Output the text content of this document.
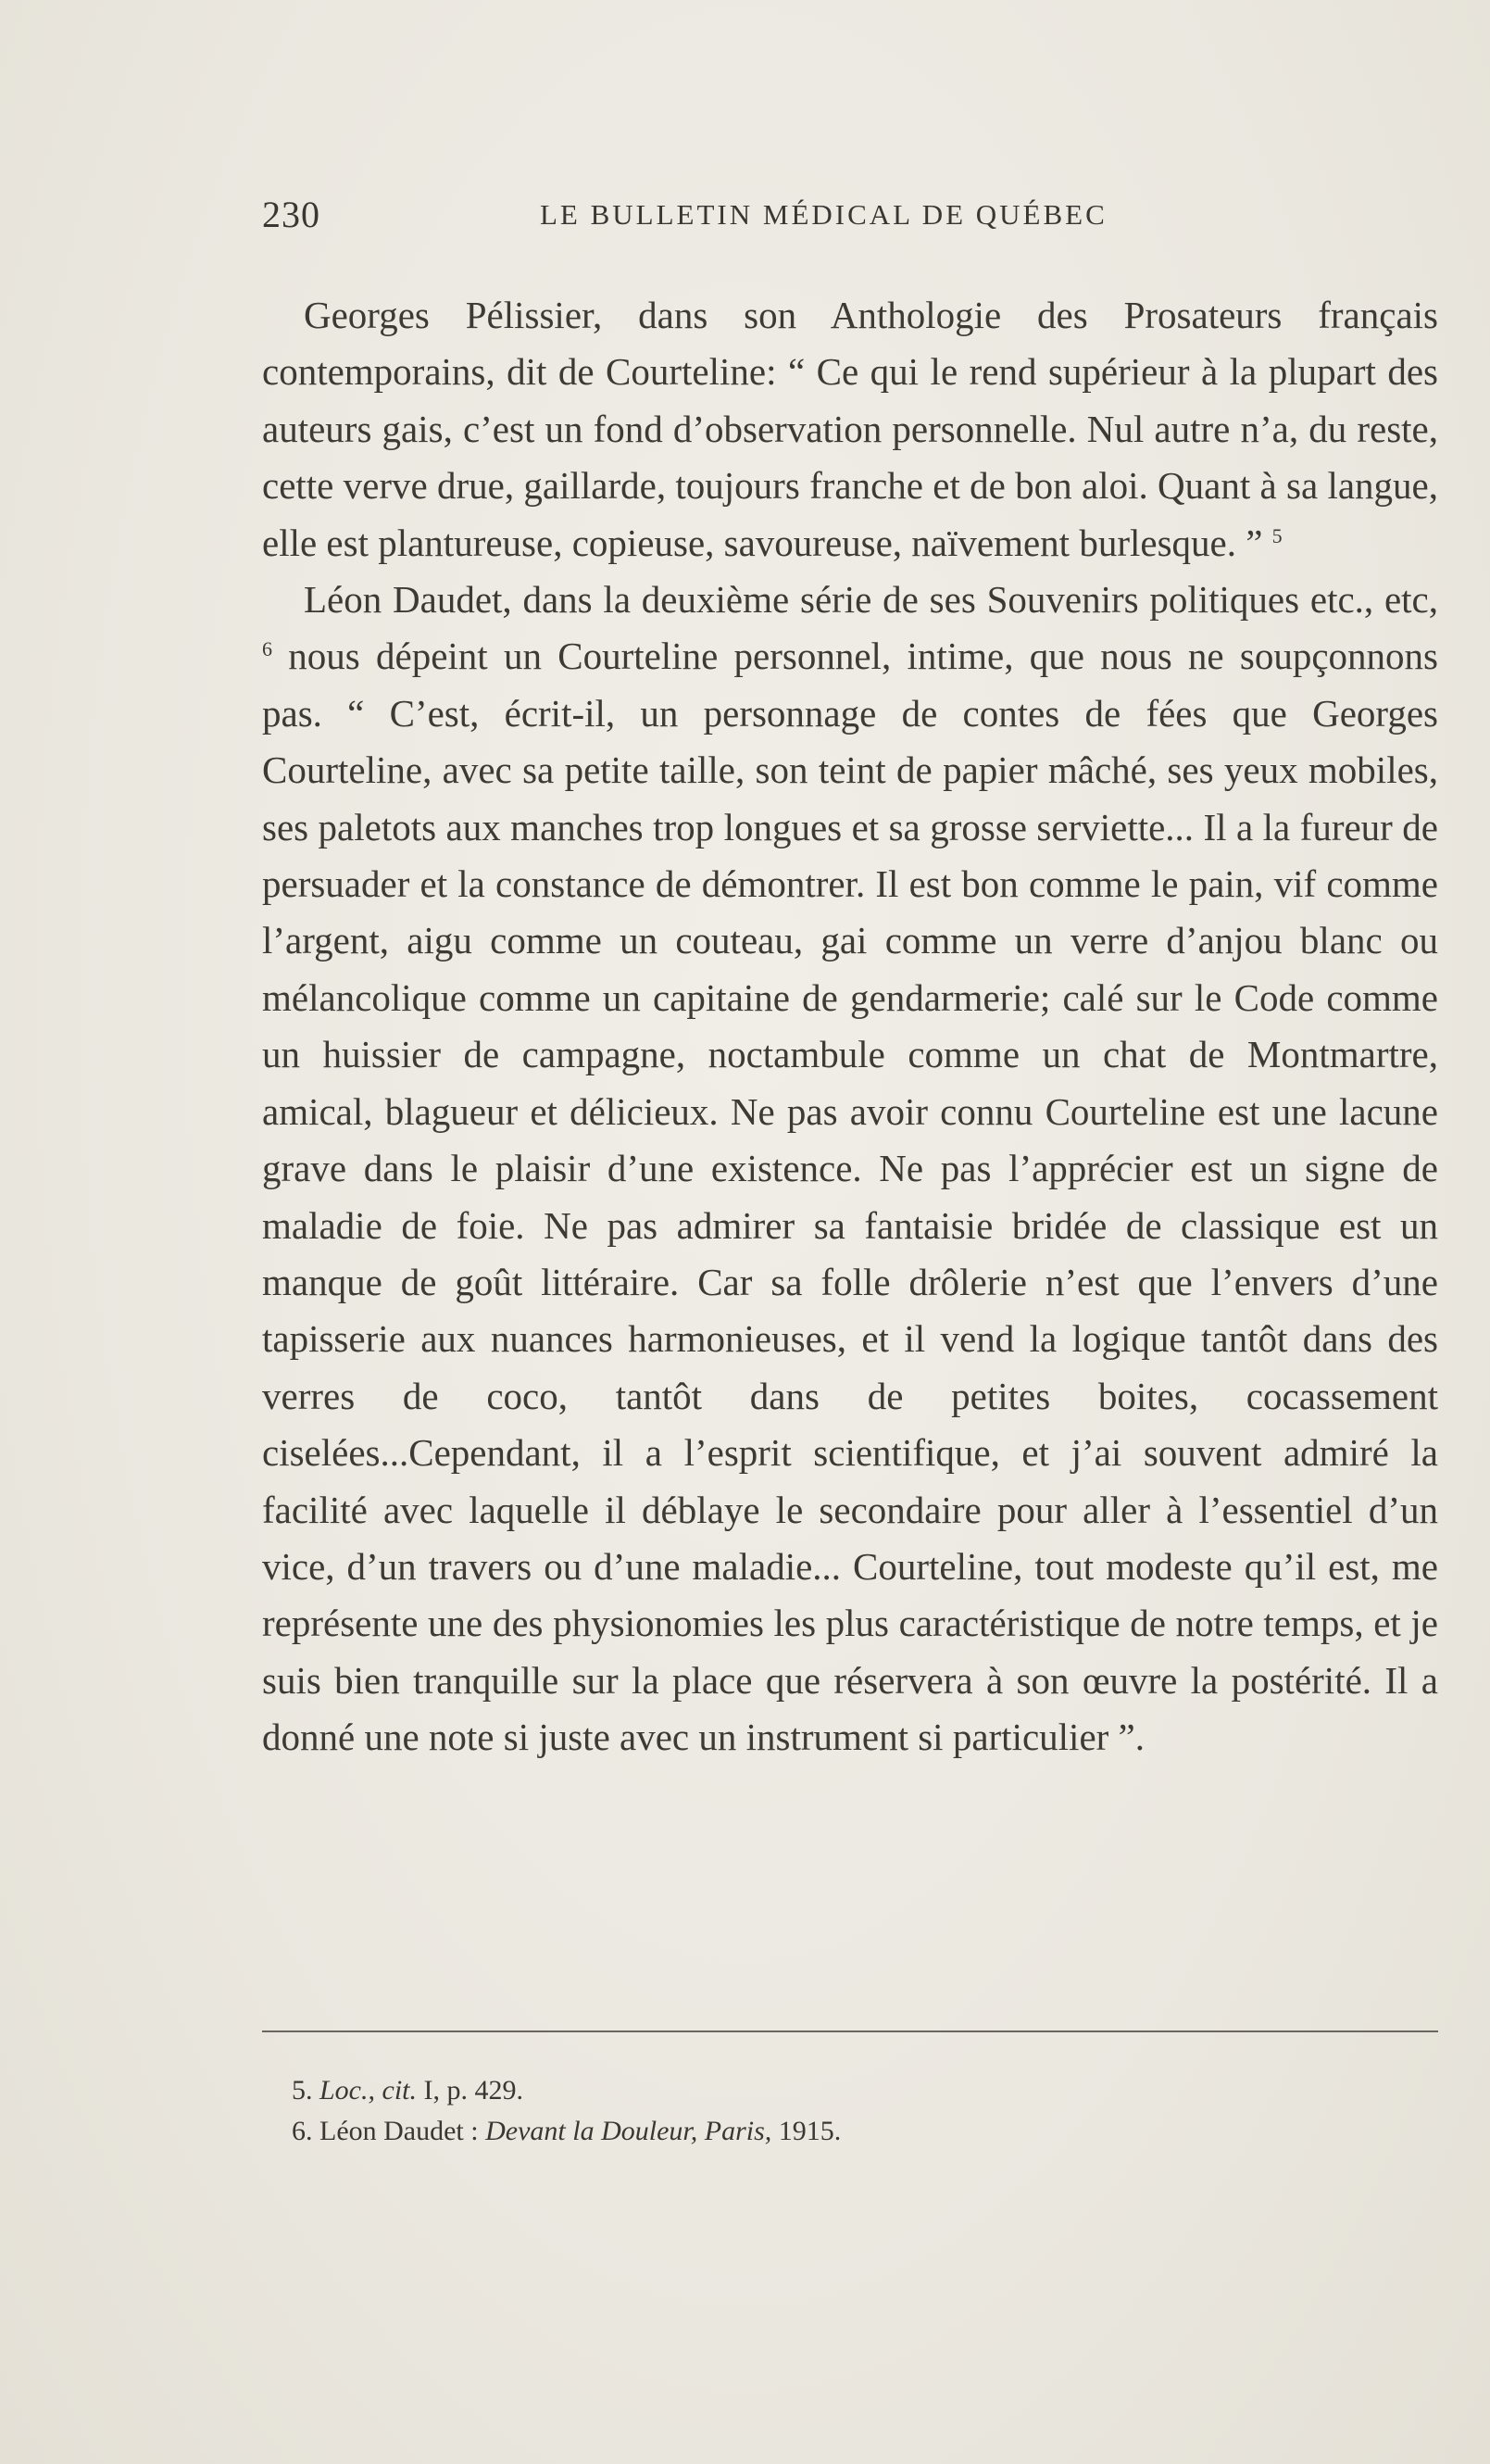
230	LE BULLETIN MÉDICAL DE QUÉBEC

Georges Pélissier, dans son Anthologie des Prosateurs français contemporains, dit de Courteline: “ Ce qui le rend supérieur à la plupart des auteurs gais, c’est un fond d’observation personnelle. Nul autre n’a, du reste, cette verve drue, gaillarde, toujours franche et de bon aloi. Quant à sa langue, elle est plantureuse, copieuse, savoureuse, naïvement burlesque. ” $^5$

Léon Daudet, dans la deuxième série de ses Souvenirs politiques etc., etc, $^6$ nous dépeint un Courteline personnel, intime, que nous ne soupçonnons pas. “ C’est, écrit-il, un personnage de contes de fées que Georges Courteline, avec sa petite taille, son teint de papier mâché, ses yeux mobiles, ses paletots aux manches trop longues et sa grosse serviette... Il a la fureur de persuader et la constance de démontrer. Il est bon comme le pain, vif comme l’argent, aigu comme un couteau, gai comme un verre d’anjou blanc ou mélancolique comme un capitaine de gendarmerie; calé sur le Code comme un huissier de campagne, noctambule comme un chat de Montmartre, amical, blagueur et délicieux. Ne pas avoir connu Courteline est une lacune grave dans le plaisir d’une existence. Ne pas l’apprécier est un signe de maladie de foie. Ne pas admirer sa fantaisie bridée de classique est un manque de goût littéraire. Car sa folle drôlerie n’est que l’envers d’une tapisserie aux nuances harmonieuses, et il vend la logique tantôt dans des verres de coco, tantôt dans de petites boites, cocassement ciselées...Cependant, il a l’esprit scientifique, et j’ai souvent admiré la facilité avec laquelle il déblaye le secondaire pour aller à l’essentiel d’un vice, d’un travers ou d’une maladie... Courteline, tout modeste qu’il est, me représente une des physionomies les plus caractéristique de notre temps, et je suis bien tranquille sur la place que réservera à son œuvre la postérité. Il a donné une note si juste avec un instrument si particulier ”.

5. Loc., cit. I, p. 429.

6. Léon Daudet : Devant la Douleur, Paris, 1915.
